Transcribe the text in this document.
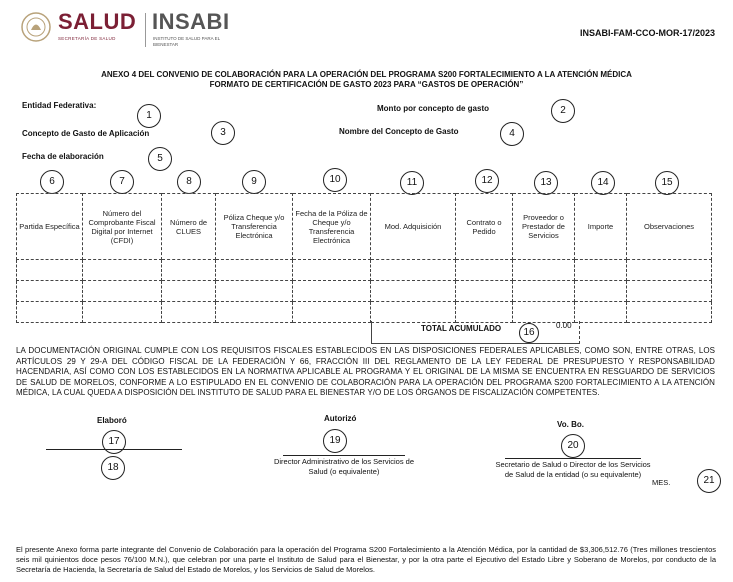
SALUD
SECRETARÍA DE SALUD
INSABI
INSTITUTO DE SALUD PARA EL BIENESTAR
INSABI-FAM-CCO-MOR-17/2023
ANEXO 4 DEL CONVENIO DE COLABORACIÓN PARA LA OPERACIÓN DEL PROGRAMA S200 FORTALECIMIENTO A LA ATENCIÓN MÉDICA
FORMATO DE CERTIFICACIÓN DE GASTO 2023 PARA “GASTOS DE OPERACIÓN”
Entidad Federativa:
1
Monto por concepto de gasto	2
Concepto de Gasto de Aplicación	3	Nombre del Concepto de Gasto	4
Fecha de elaboración	5
6	7	8	9	10	11	12	13	14	15
Partida Específica	Número del Comprobante Fiscal Digital por Internet (CFDI)	Número de CLUES	Póliza Cheque y/o Transferencia Electrónica	Fecha de la Póliza de Cheque y/o Transferencia Electrónica	Mod. Adquisición	Contrato o Pedido	Proveedor o Prestador de Servicios	Importe	Observaciones

TOTAL ACUMULADO	16
0.00
LA DOCUMENTACIÓN ORIGINAL CUMPLE CON LOS REQUISITOS FISCALES ESTABLECIDOS EN LAS DISPOSICIONES FEDERALES APLICABLES, COMO SON, ENTRE OTRAS, LOS ARTÍCULOS 29 Y 29-A DEL CÓDIGO FISCAL DE LA FEDERACIÓN Y 66, FRACCIÓN III DEL REGLAMENTO DE LA LEY FEDERAL DE PRESUPUESTO Y RESPONSABILIDAD HACENDARIA, ASÍ COMO CON LOS ESTABLECIDOS EN LA NORMATIVA APLICABLE AL PROGRAMA Y EL ORIGINAL DE LA MISMA SE ENCUENTRA EN RESGUARDO DE SERVICIOS DE SALUD DE MORELOS, CONFORME A LO ESTIPULADO EN EL CONVENIO DE COLABORACIÓN PARA LA OPERACIÓN DEL PROGRAMA S200 FORTALECIMIENTO A LA ATENCIÓN MÉDICA, LA CUAL QUEDA A DISPOSICIÓN DEL INSTITUTO DE SALUD PARA EL BIENESTAR Y/O DE LOS ÓRGANOS DE FISCALIZACIÓN COMPETENTES.
Elaboró
17
18
Autorizó
19
Director Administrativo de los Servicios de Salud (o equivalente)
Vo. Bo.
20
Secretario de Salud o Director de los Servicios de Salud de la entidad (o su equivalente)
MES.	21
El presente Anexo forma parte integrante del Convenio de Colaboración para la operación del Programa S200 Fortalecimiento a la Atención Médica, por la cantidad de $3,306,512.76 (Tres millones trescientos seis mil quinientos doce pesos 76/100 M.N.), que celebran por una parte el Instituto de Salud para el Bienestar, y por la otra parte el Ejecutivo del Estado Libre y Soberano de Morelos, por conducto de la Secretaría de Hacienda, la Secretaría de Salud del Estado de Morelos, y los Servicios de Salud de Morelos.
